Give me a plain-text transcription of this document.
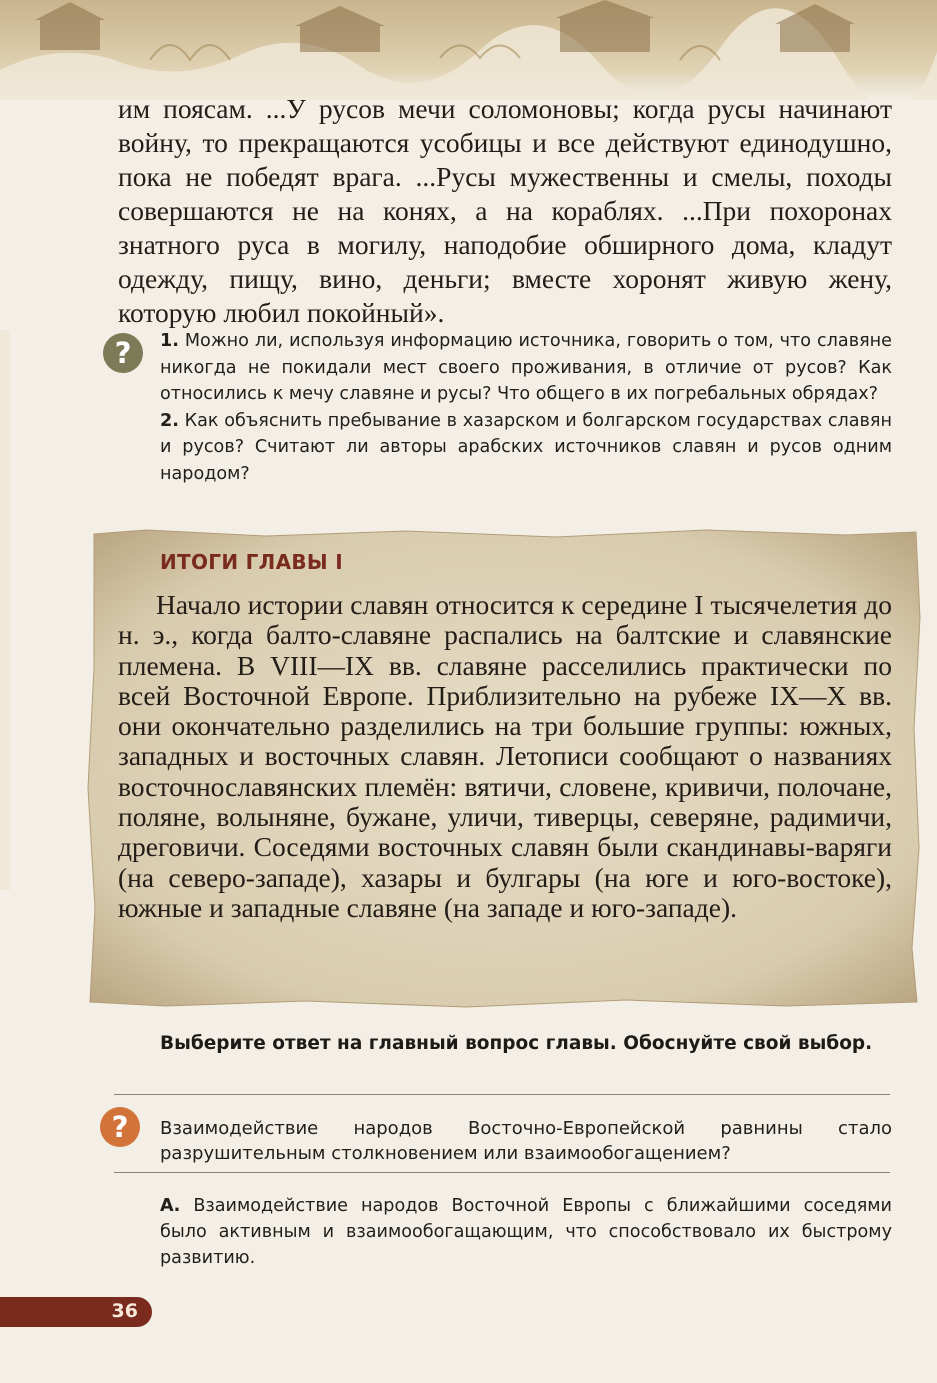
им поясам. ...У русов мечи соломоновы; когда русы начинают войну, то прекращаются усобицы и все действуют единодушно, пока не победят врага. ...Русы мужественны и смелы, походы совершаются не на конях, а на кораблях. ...При похоронах знатного руса в могилу, наподобие обширного дома, кладут одежду, пищу, вино, деньги; вместе хоронят живую жену, которую любил покойный».

?	1. Можно ли, используя информацию источника, говорить о том, что славяне никогда не покидали мест своего проживания, в отличие от русов? Как относились к мечу славяне и русы? Что общего в их погребальных обрядах?

2. Как объяснить пребывание в хазарском и болгарском государствах славян и русов? Считают ли авторы арабских источников славян и русов одним народом?

ИТОГИ ГЛАВЫ I

Начало истории славян относится к середине I тысячелетия до н. э., когда балто-славяне распались на балтские и славянские племена. В VIII—IX вв. славяне расселились практически по всей Восточной Европе. Приблизительно на рубеже IX—X вв. они окончательно разделились на три большие группы: южных, западных и восточных славян. Летописи сообщают о названиях восточнославянских племён: вятичи, словене, кривичи, полочане, поляне, волыняне, бужане, уличи, тиверцы, северяне, радимичи, дреговичи. Соседями восточных славян были скандинавы-варяги (на северо-западе), хазары и булгары (на юге и юго-востоке), южные и западные славяне (на западе и юго-западе).

Выберите ответ на главный вопрос главы. Обоснуйте свой выбор.
?	Взаимодействие народов Восточно-Европейской равнины стало разрушительным столкновением или взаимообогащением?
А. Взаимодействие народов Восточной Европы с ближайшими соседями было активным и взаимообогащающим, что способствовало их быстрому развитию.
36
